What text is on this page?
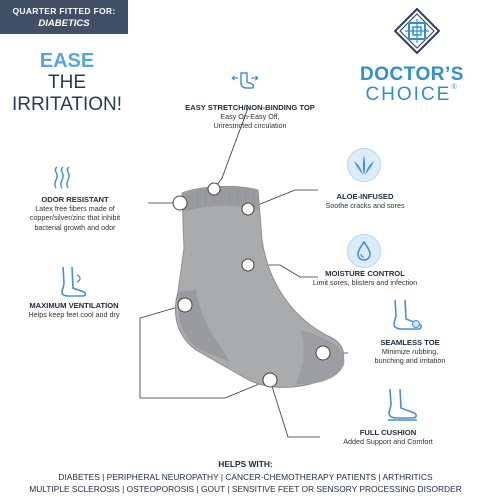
QUARTER FITTED FOR:
DIABETICS
EASE
THE
IRRITATION!
DOCTOR’S
CHOICE®
EASY STRETCH/NON-BINDING TOP
Easy On-Easy Off,
Unrestricted circulation
ODOR RESISTANT
Latex free fibers made of
copper/silver/zinc that inhibit
bacterial growth and odor
ALOE-INFUSED
Soothe cracks and sores
MOISTURE CONTROL
Limit sores, blisters and infection
MAXIMUM VENTILATION
Helps keep feet cool and dry
SEAMLESS TOE
Minimize rubbing,
bunching and irritation
FULL CUSHION
Added Support and Comfort
HELPS WITH:
DIABETES | PERIPHERAL NEUROPATHY | CANCER-CHEMOTHERAPY PATIENTS | ARTHRITICS
MULTIPLE SCLEROSIS | OSTEOPOROSIS | GOUT | SENSITIVE FEET OR SENSORY PROCESSING DISORDER
